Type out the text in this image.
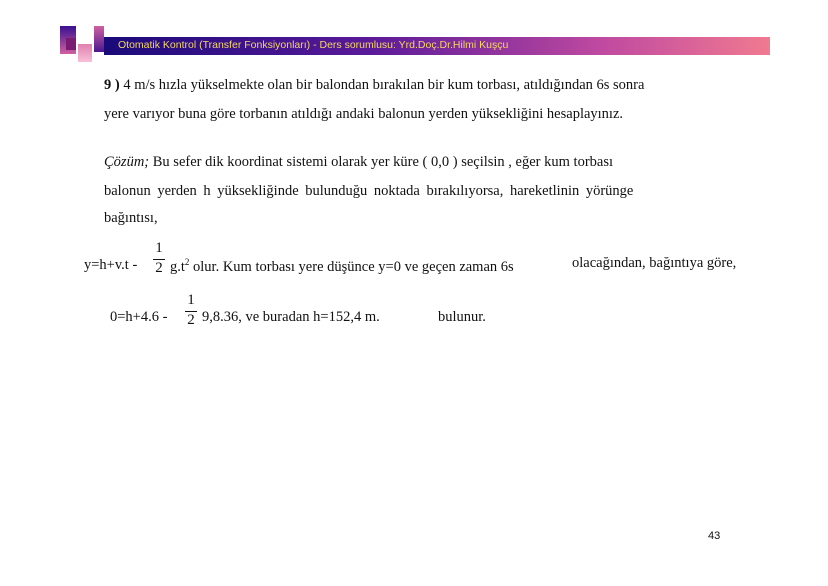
Otomatik Kontrol (Transfer Fonksiyonları) - Ders sorumlusu: Yrd.Doç.Dr.Hilmi Kuşçu
9 ) 4 m/s hızla yükselmekte olan bir balondan bırakılan bir kum torbası, atıldığından 6s sonra
yere varıyor buna göre torbanın atıldığı andaki balonun yerden yüksekliğini hesaplayınız.
Çözüm; Bu sefer dik koordinat sistemi olarak yer küre ( 0,0 ) seçilsin , eğer kum torbası
balonun yerden h yüksekliğinde bulunduğu noktada bırakılıyorsa, hareketlinin yörünge
bağıntısı,
y=h+v.t -
1
2 $g.t^2$ olur. Kum torbası yere düşünce y=0 ve geçen zaman 6s	olacağından, bağıntıya göre,
0=h+4.6 -
1
2 9,8.36, ve buradan h=152,4 m.	bulunur.
43
